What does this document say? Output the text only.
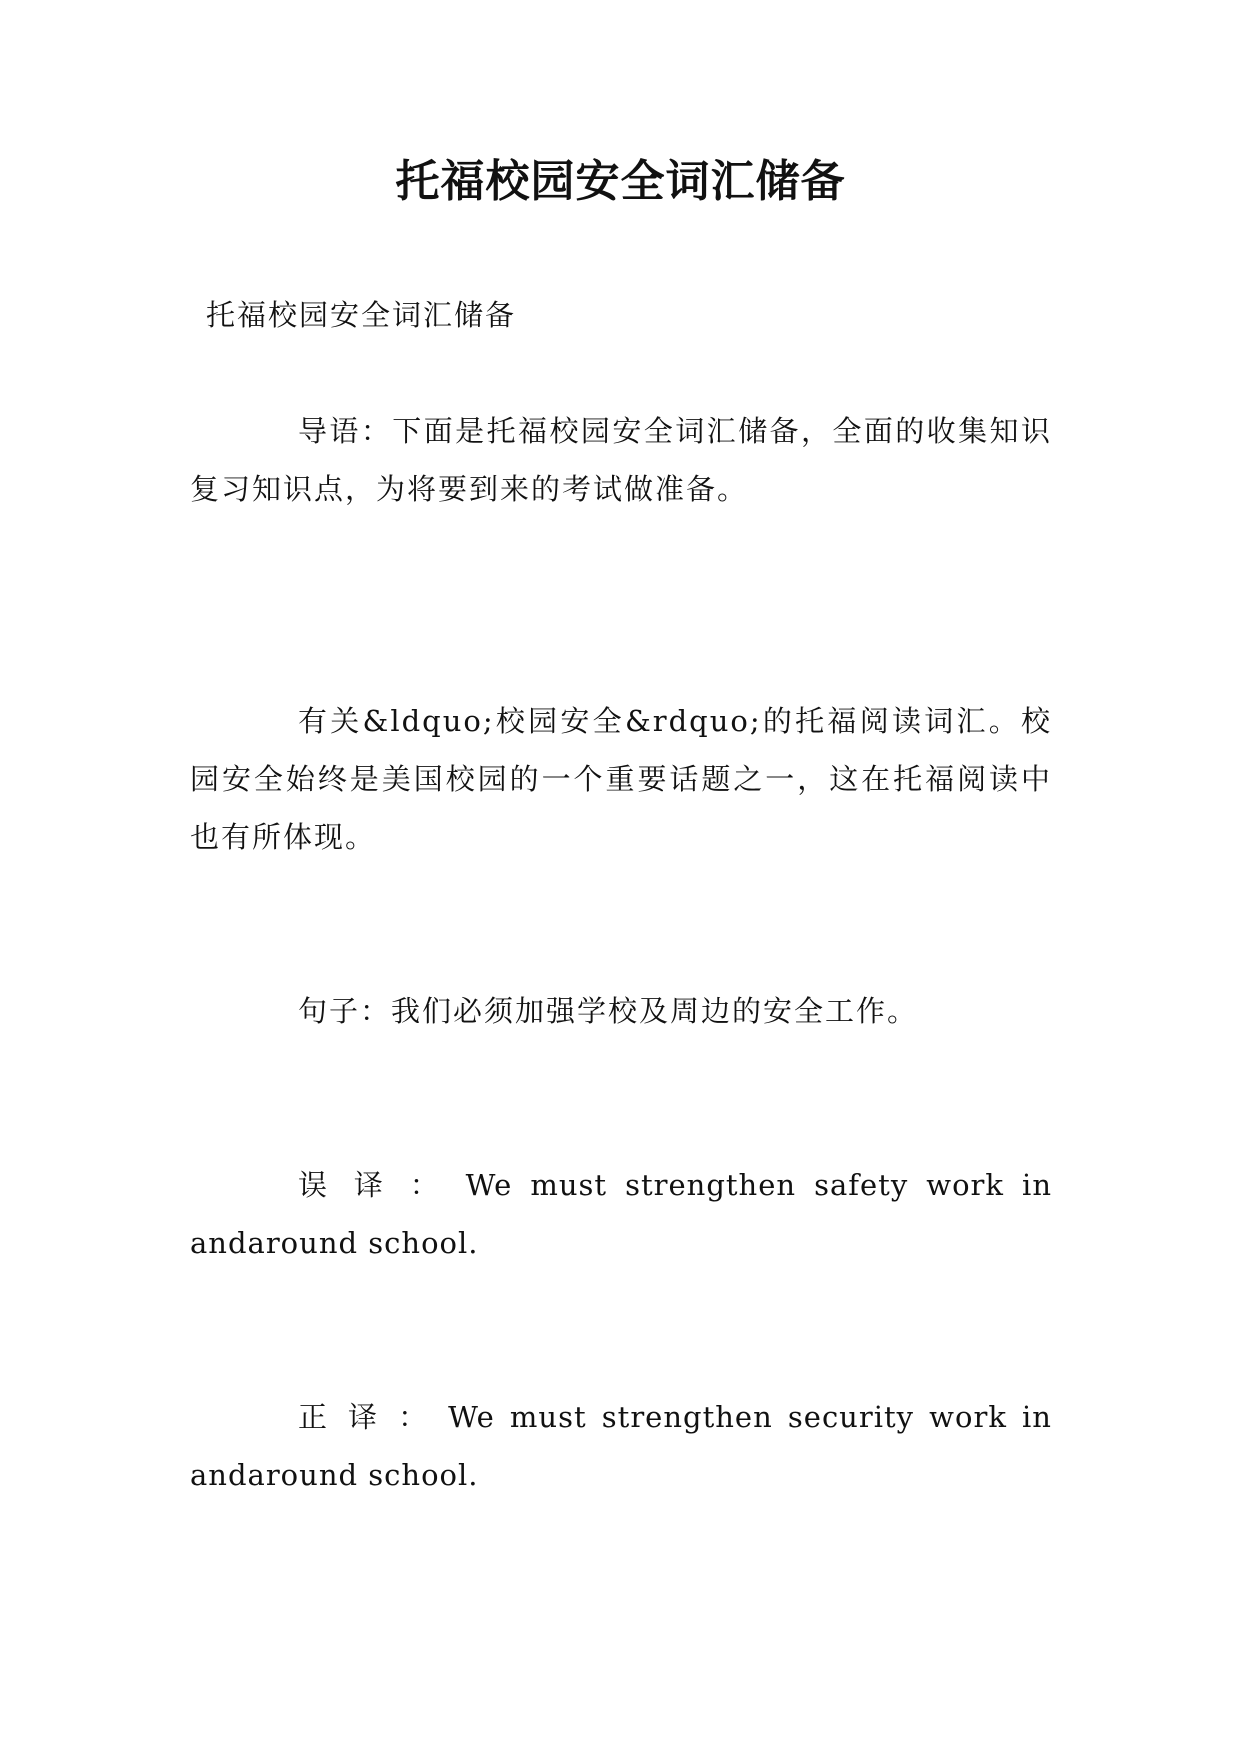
托福校园安全词汇储备

托福校园安全词汇储备

导语：下面是托福校园安全词汇储备，全面的收集知识复习知识点，为将要到来的考试做准备。

有关&ldquo;校园安全&rdquo;的托福阅读词汇。校园安全始终是美国校园的一个重要话题之一，这在托福阅读中也有所体现。

句子：我们必须加强学校及周边的安全工作。

误 译 ： We must strengthen safety work in andaround school.

正 译 ： We must strengthen security work in andaround school.
